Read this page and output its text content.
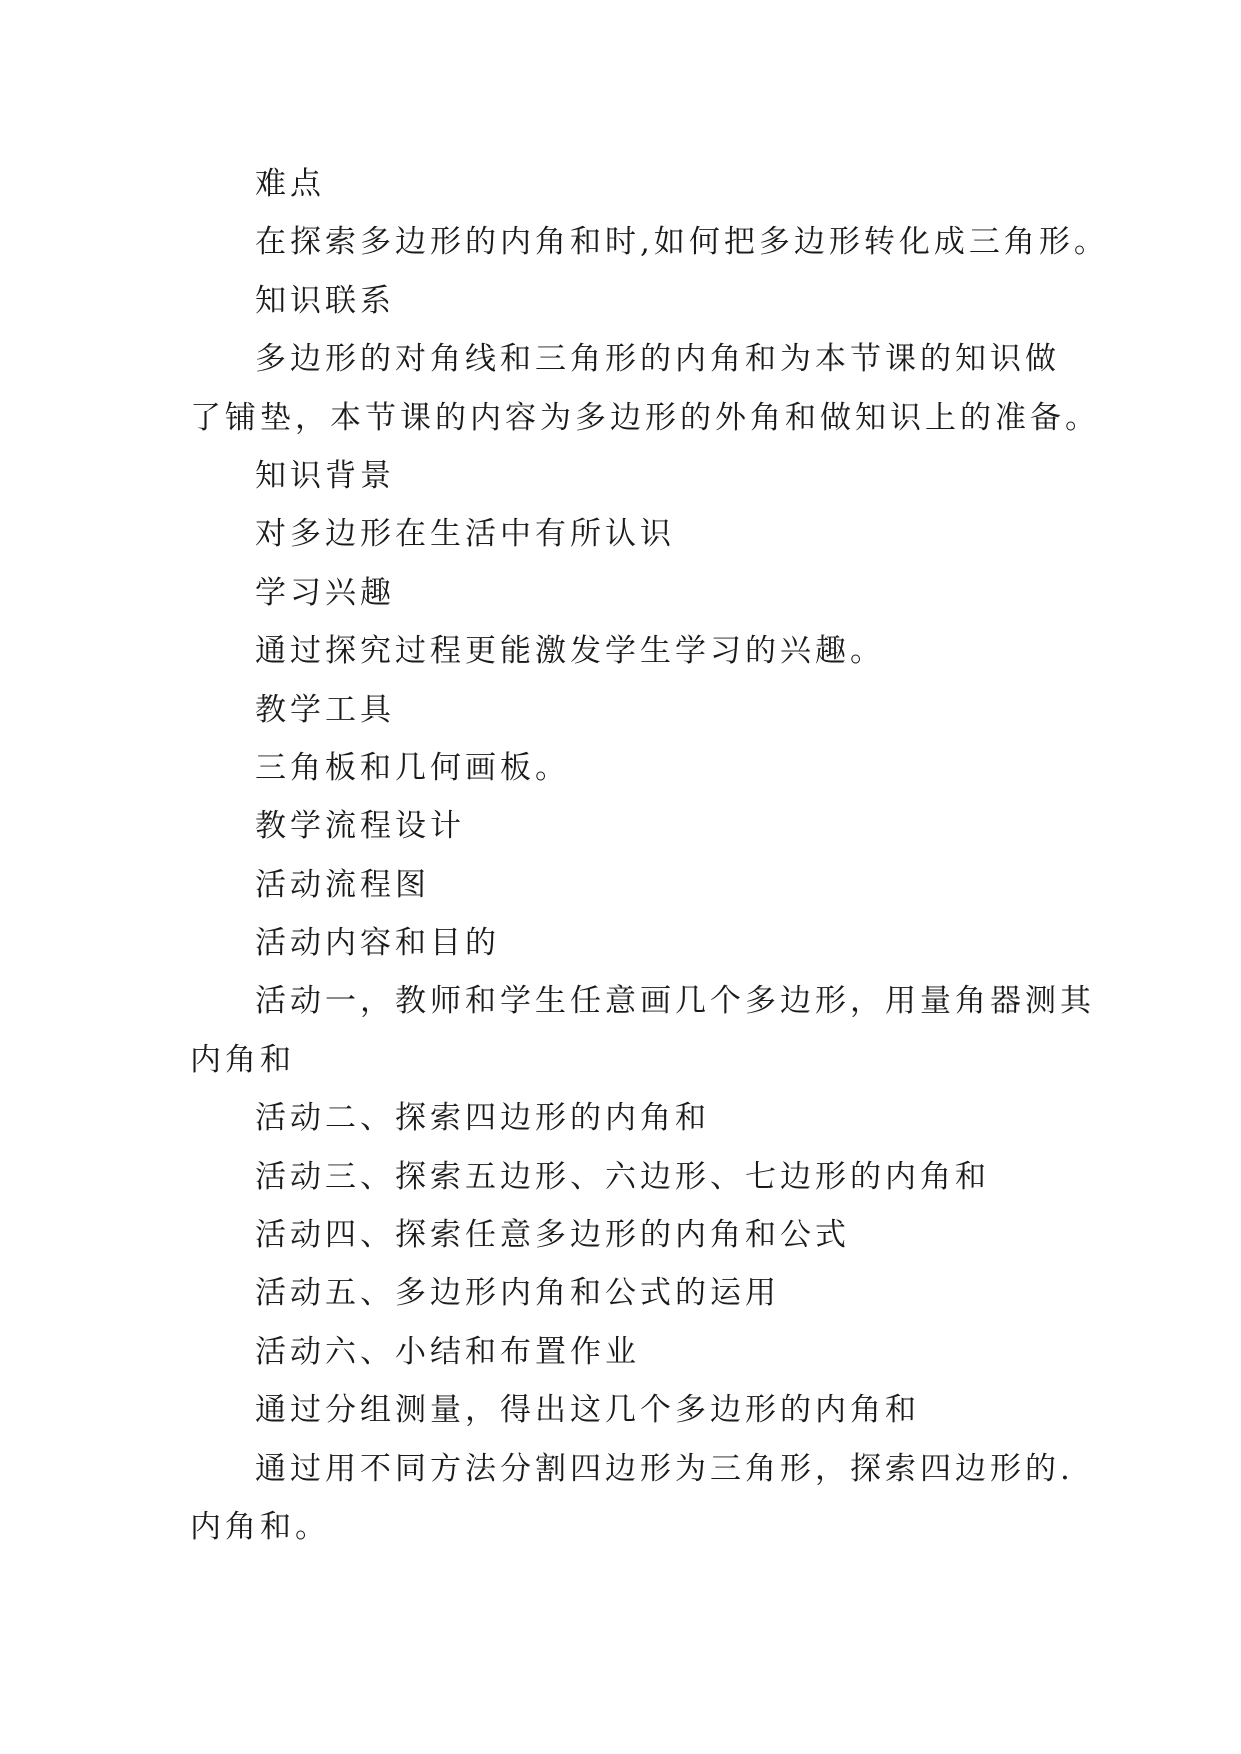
难点
在探索多边形的内角和时,如何把多边形转化成三角形。
知识联系
多边形的对角线和三角形的内角和为本节课的知识做
了铺垫，本节课的内容为多边形的外角和做知识上的准备。
知识背景
对多边形在生活中有所认识
学习兴趣
通过探究过程更能激发学生学习的兴趣。
教学工具
三角板和几何画板。
教学流程设计
活动流程图
活动内容和目的
活动一，教师和学生任意画几个多边形，用量角器测其
内角和
活动二、探索四边形的内角和
活动三、探索五边形、六边形、七边形的内角和
活动四、探索任意多边形的内角和公式
活动五、多边形内角和公式的运用
活动六、小结和布置作业
通过分组测量，得出这几个多边形的内角和
通过用不同方法分割四边形为三角形，探索四边形的.
内角和。
